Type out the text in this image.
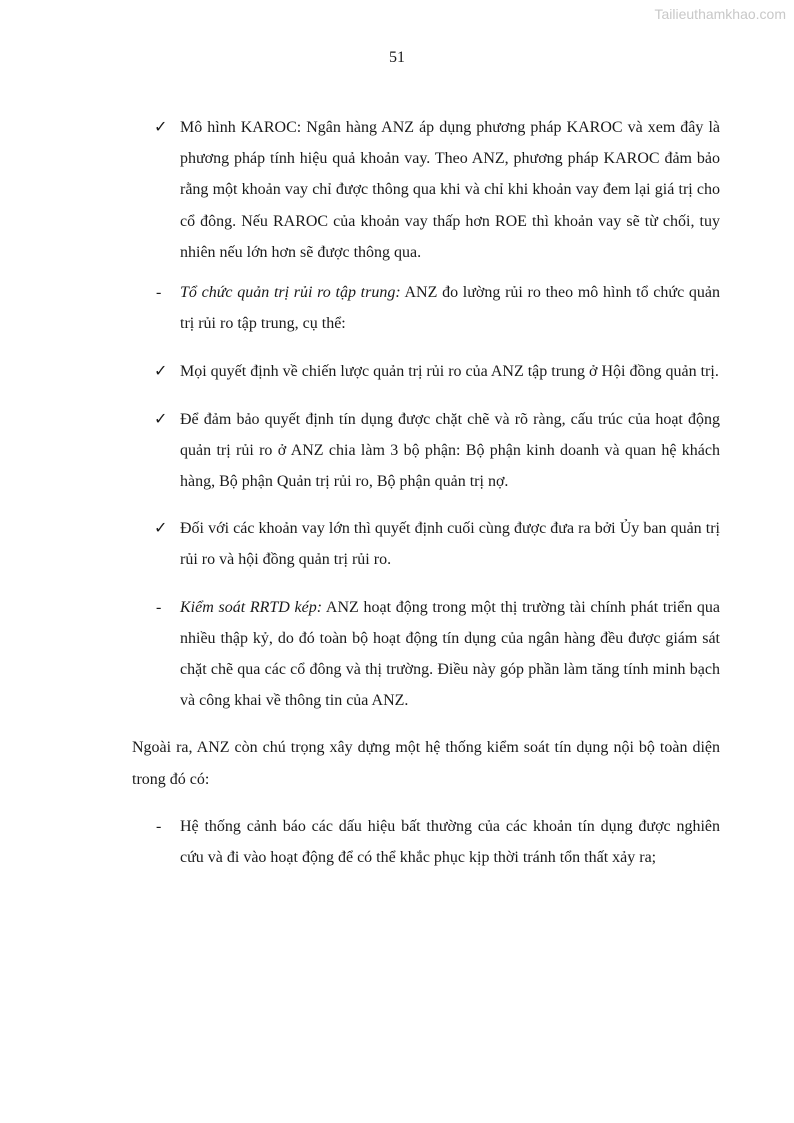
Tailieuthamkhao.com
51
✓ Mô hình KAROC: Ngân hàng ANZ áp dụng phương pháp KAROC và xem đây là phương pháp tính hiệu quả khoản vay. Theo ANZ, phương pháp KAROC đảm bảo rằng một khoản vay chỉ được thông qua khi và chỉ khi khoản vay đem lại giá trị cho cổ đông. Nếu RAROC của khoản vay thấp hơn ROE thì khoản vay sẽ từ chối, tuy nhiên nếu lớn hơn sẽ được thông qua.

-	Tổ chức quản trị rủi ro tập trung: ANZ đo lường rủi ro theo mô hình tổ chức quản trị rủi ro tập trung, cụ thể:

✓ Mọi quyết định về chiến lược quản trị rủi ro của ANZ tập trung ở Hội đồng quản trị.

✓ Để đảm bảo quyết định tín dụng được chặt chẽ và rõ ràng, cấu trúc của hoạt động quản trị rủi ro ở ANZ chia làm 3 bộ phận: Bộ phận kinh doanh và quan hệ khách hàng, Bộ phận Quản trị rủi ro, Bộ phận quản trị nợ.

✓ Đối với các khoản vay lớn thì quyết định cuối cùng được đưa ra bởi Ủy ban quản trị rủi ro và hội đồng quản trị rủi ro.

-	Kiểm soát RRTD kép: ANZ hoạt động trong một thị trường tài chính phát triển qua nhiều thập kỷ, do đó toàn bộ hoạt động tín dụng của ngân hàng đều được giám sát chặt chẽ qua các cổ đông và thị trường. Điều này góp phần làm tăng tính minh bạch và công khai về thông tin của ANZ.

Ngoài ra, ANZ còn chú trọng xây dựng một hệ thống kiểm soát tín dụng nội bộ toàn diện trong đó có:

-	Hệ thống cảnh báo các dấu hiệu bất thường của các khoản tín dụng được nghiên cứu và đi vào hoạt động để có thể khắc phục kịp thời tránh tổn thất xảy ra;
